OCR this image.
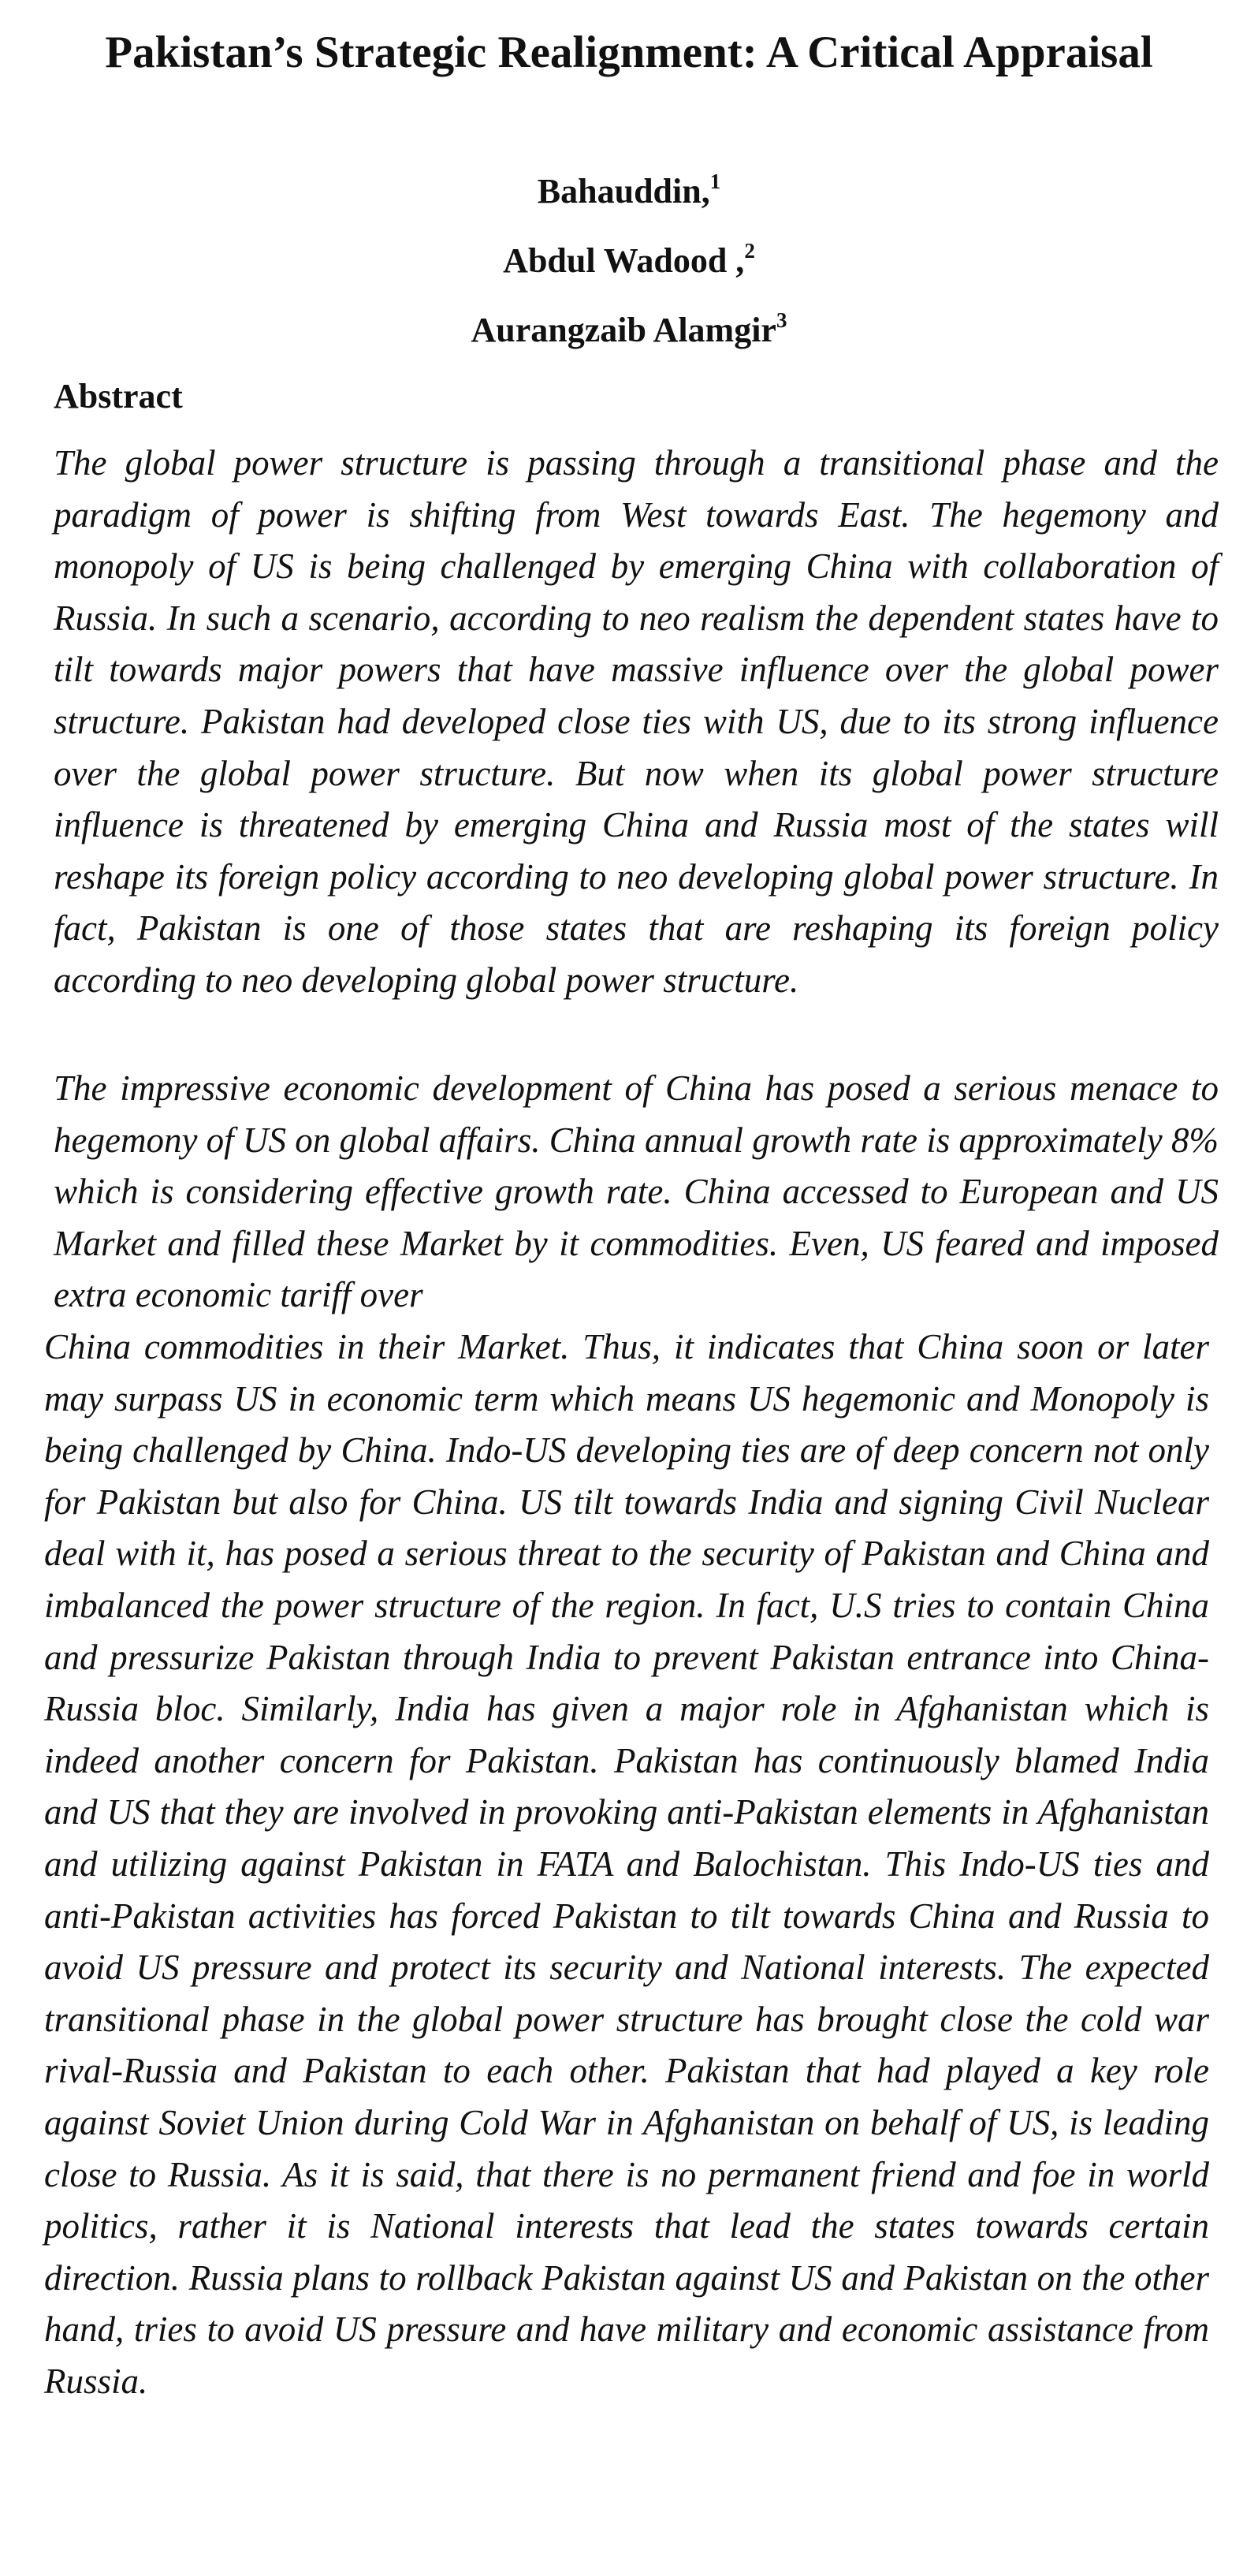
Pakistan’s Strategic Realignment: A Critical Appraisal
Bahauddin,$^1$
Abdul Wadood ,$^2$
Aurangzaib Alamgir$^3$
Abstract

The global power structure is passing through a transitional phase and the paradigm of power is shifting from West towards East. The hegemony and monopoly of US is being challenged by emerging China with collaboration of Russia. In such a scenario, according to neo realism the dependent states have to tilt towards major powers that have massive influence over the global power structure. Pakistan had developed close ties with US, due to its strong influence over the global power structure. But now when its global power structure influence is threatened by emerging China and Russia most of the states will reshape its foreign policy according to neo developing global power structure. In fact, Pakistan is one of those states that are reshaping its foreign policy according to neo developing global power structure.

The impressive economic development of China has posed a serious menace to hegemony of US on global affairs. China annual growth rate is approximately 8% which is considering effective growth rate. China accessed to European and US Market and filled these Market by it commodities. Even, US feared and imposed extra economic tariff over

China commodities in their Market. Thus, it indicates that China soon or later may surpass US in economic term which means US hegemonic and Monopoly is being challenged by China. Indo-US developing ties are of deep concern not only for Pakistan but also for China. US tilt towards India and signing Civil Nuclear deal with it, has posed a serious threat to the security of Pakistan and China and imbalanced the power structure of the region. In fact, U.S tries to contain China and pressurize Pakistan through India to prevent Pakistan entrance into China-Russia bloc. Similarly, India has given a major role in Afghanistan which is indeed another concern for Pakistan. Pakistan has continuously blamed India and US that they are involved in provoking anti-Pakistan elements in Afghanistan and utilizing against Pakistan in FATA and Balochistan. This Indo-US ties and anti-Pakistan activities has forced Pakistan to tilt towards China and Russia to avoid US pressure and protect its security and National interests. The expected transitional phase in the global power structure has brought close the cold war rival-Russia and Pakistan to each other. Pakistan that had played a key role against Soviet Union during Cold War in Afghanistan on behalf of US, is leading close to Russia. As it is said, that there is no permanent friend and foe in world politics, rather it is National interests that lead the states towards certain direction. Russia plans to rollback Pakistan against US and Pakistan on the other hand, tries to avoid US pressure and have military and economic assistance from Russia.
